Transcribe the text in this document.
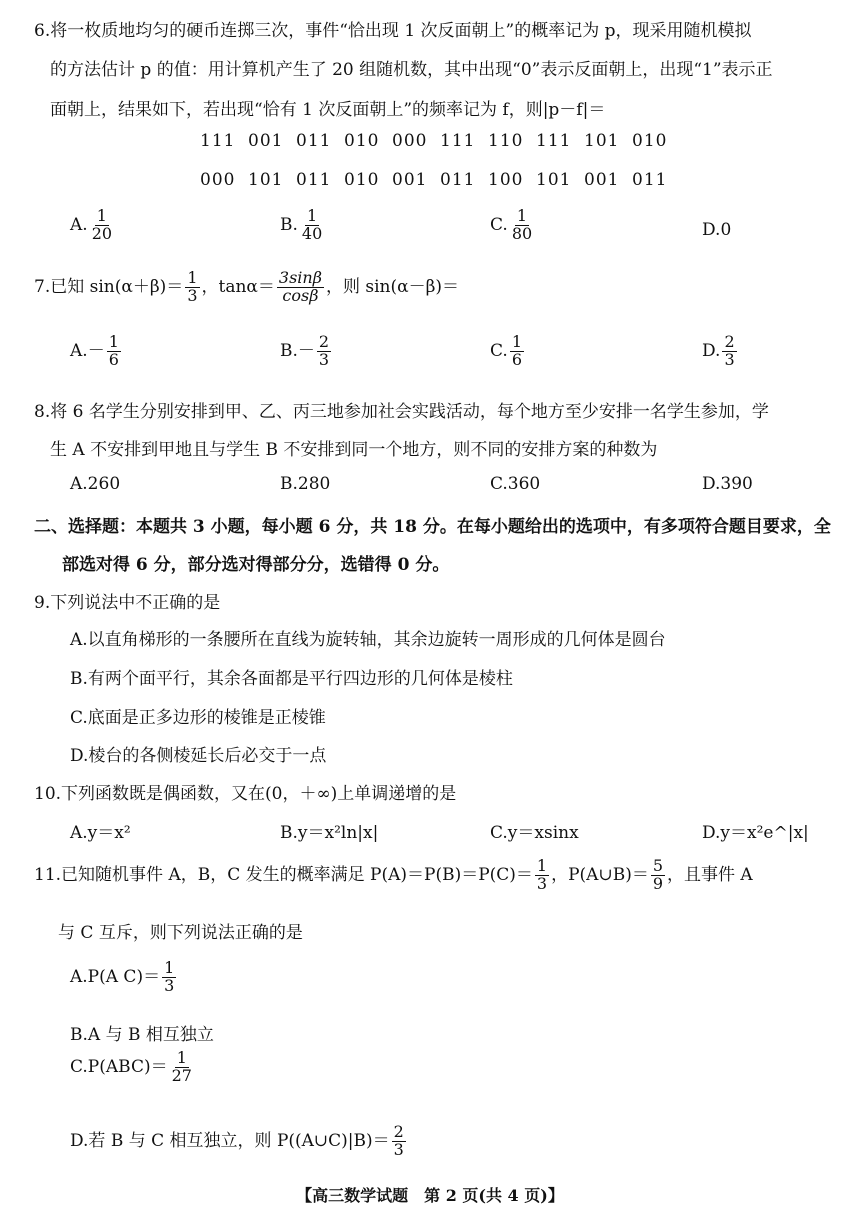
6.将一枚质地均匀的硬币连掷三次，事件“恰出现 1 次反面朝上”的概率记为 p，现采用随机模拟
的方法估计 p 的值：用计算机产生了 20 组随机数，其中出现“0”表示反面朝上，出现“1”表示正
面朝上，结果如下，若出现“恰有 1 次反面朝上”的频率记为 f，则|p－f|＝
111 001 011 010 000 111 110 111 101 010
000 101 011 010 001 011 100 101 001 011
A. $\frac{1}{20}$	B. $\frac{1}{40}$	C. $\frac{1}{80}$	D.0
7.已知 $\sin(\alpha+\beta)= \frac{1}{3}$ ，$\tan\alpha= \frac{3\sin\beta}{\cos\beta}$ ，则 sin(α－β)＝
$A.- \frac{1}{6}$	$B.- \frac{2}{3}$	C. $\frac{1}{6}$	D. $\frac{2}{3}$
8.将 6 名学生分别安排到甲、乙、丙三地参加社会实践活动，每个地方至少安排一名学生参加，学
生 A 不安排到甲地且与学生 B 不安排到同一个地方，则不同的安排方案的种数为
A.260	B.280	C.360	D.390
二、选择题：本题共 3 小题，每小题 6 分，共 18 分。在每小题给出的选项中，有多项符合题目要求，全
部选对得 6 分，部分选对得部分分，选错得 0 分。
9.下列说法中不正确的是
A.以直角梯形的一条腰所在直线为旋转轴，其余边旋转一周形成的几何体是圆台
B.有两个面平行，其余各面都是平行四边形的几何体是棱柱
C.底面是正多边形的棱锥是正棱锥
D.棱台的各侧棱延长后必交于一点
10.下列函数既是偶函数，又在(0，＋∞)上单调递增的是
A.y＝x²	B.y＝x²ln|x|	C.y＝xsinx	D.y＝x²e^|x|
11.已知随机事件 A，B，C 发生的概率满足 $P(A)=P(B)=P(C)= \frac{1}{3}$ ，P(A∪B)＝ $\frac{5}{9}$ ，且事件 A
与 C 互斥，则下列说法正确的是
A.P(A $C)= \frac{1}{3}$
B.A 与 B 相互独立
$C.P(ABC)= \frac{1}{27}$
D.若 B 与 C 相互独立，则 P((A∪C)|B)＝ $\frac{2}{3}$
【高三数学试题　第 2 页(共 4 页)】
